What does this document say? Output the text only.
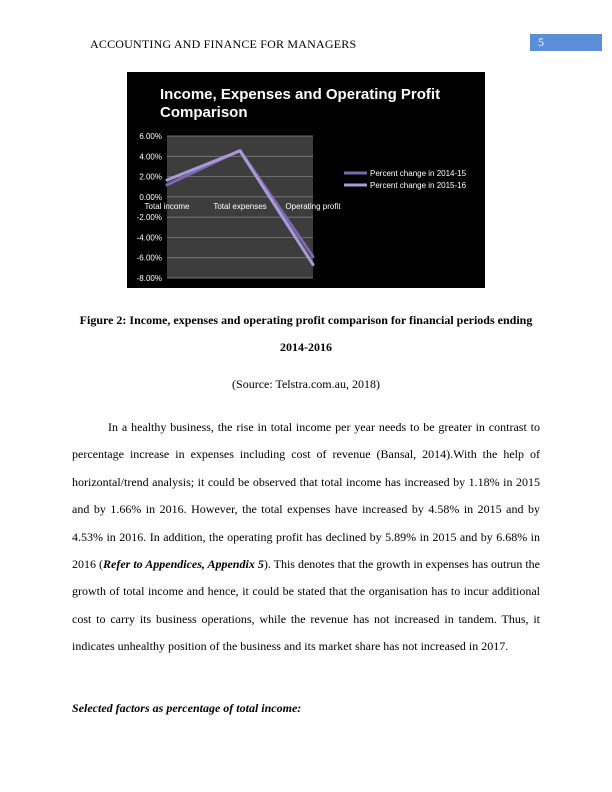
ACCOUNTING AND FINANCE FOR MANAGERS	5
Income, Expenses and Operating Profit
Comparison
6.00%
4.00%
2.00%
0.00%
-2.00%
-4.00%
-6.00%
-8.00%
Total income	Total expenses Operating profit
Percent change in 2014-15
Percent change in 2015-16
Figure 2: Income, expenses and operating profit comparison for financial periods ending
2014-2016
(Source: Telstra.com.au, 2018)

In a healthy business, the rise in total income per year needs to be greater in contrast to percentage increase in expenses including cost of revenue (Bansal, 2014).With the help of horizontal/trend analysis; it could be observed that total income has increased by 1.18% in 2015 and by 1.66% in 2016. However, the total expenses have increased by 4.58% in 2015 and by 4.53% in 2016. In addition, the operating profit has declined by 5.89% in 2015 and by 6.68% in 2016 (Refer to Appendices, Appendix 5). This denotes that the growth in expenses has outrun the growth of total income and hence, it could be stated that the organisation has to incur additional cost to carry its business operations, while the revenue has not increased in tandem. Thus, it indicates unhealthy position of the business and its market share has not increased in 2017.

Selected factors as percentage of total income:
